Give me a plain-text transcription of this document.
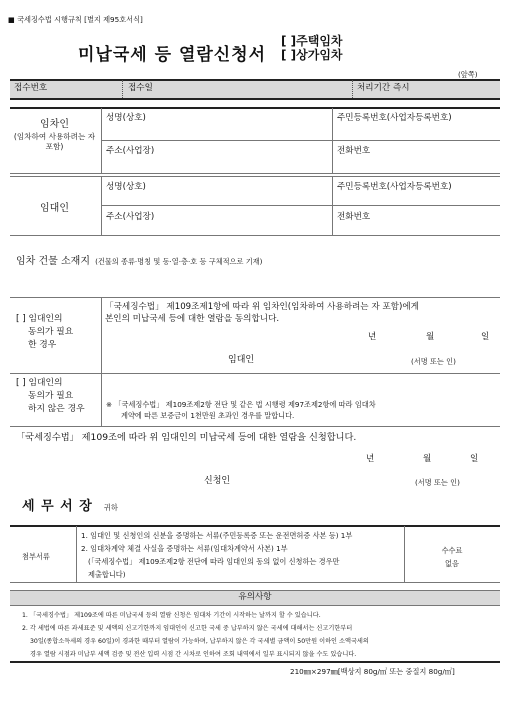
■ 국세징수법 시행규칙 [별지 제95호서식]
미납국세 등 열람신청서
[ ]주택임차
[ ]상가임차
(앞쪽)
접수번호	접수일	처리기간 즉시
임차인
(임차하여 사용하려는 자 포함)
성명(상호)	주민등록번호(사업자등록번호)
주소(사업장)	전화번호
임대인
성명(상호)	주민등록번호(사업자등록번호)
주소(사업장)	전화번호
임차 건물 소재지 (건물의 종류·명칭 및 동·열·층·호 등 구체적으로 기재)
[ ] 임대인의
동의가 필요
한 경우
「국세징수법」 제109조제1항에 따라 위 임차인(임차하여 사용하려는 자 포함)에게
본인의 미납국세 등에 대한 열람을 동의합니다.
년	월	일
임대인	(서명 또는 인)
[ ] 임대인의
동의가 필요
하지 않은 경우	※ 「국세징수법」 제109조제2항 전단 및 같은 법 시행령 제97조제2항에 따라 임대차
계약에 따른 보증금이 1천만원 초과인 경우를 말합니다.
「국세징수법」 제109조에 따라 위 임대인의 미납국세 등에 대한 열람을 신청합니다.
년	월	일
신청인	(서명 또는 인)
세 무 서 장 귀하
첨부서류
1. 임대인 및 신청인의 신분을 증명하는 서류(주민등록증 또는 운전면허증 사본 등) 1부
2. 임대차계약 체결 사실을 증명하는 서류(임대차계약서 사본) 1부
(「국세징수법」 제109조제2항 전단에 따라 임대인의 동의 없이 신청하는 경우만
제출합니다)
수수료
없음
유의사항
1. 「국세징수법」 제109조에 따른 미납국세 등의 열람 신청은 임대차 기간이 시작하는 날까지 할 수 있습니다.
2. 각 세법에 따른 과세표준 및 세액의 신고기한까지 임대인이 신고한 국세 중 납부하지 않은 국세에 대해서는 신고기한부터
30일(종합소득세의 경우 60일)이 경과한 때부터 열람이 가능하며, 납부하지 않은 각 국세별 금액이 50만원 이하인 소액국세의
경우 열람 시점과 미납부 세액 검증 및 전산 입력 시점 간 시차로 인하여 조회 내역에서 일부 표시되지 않을 수도 있습니다.
210㎜×297㎜[백상지 80g/㎡ 또는 중질지 80g/㎡]
